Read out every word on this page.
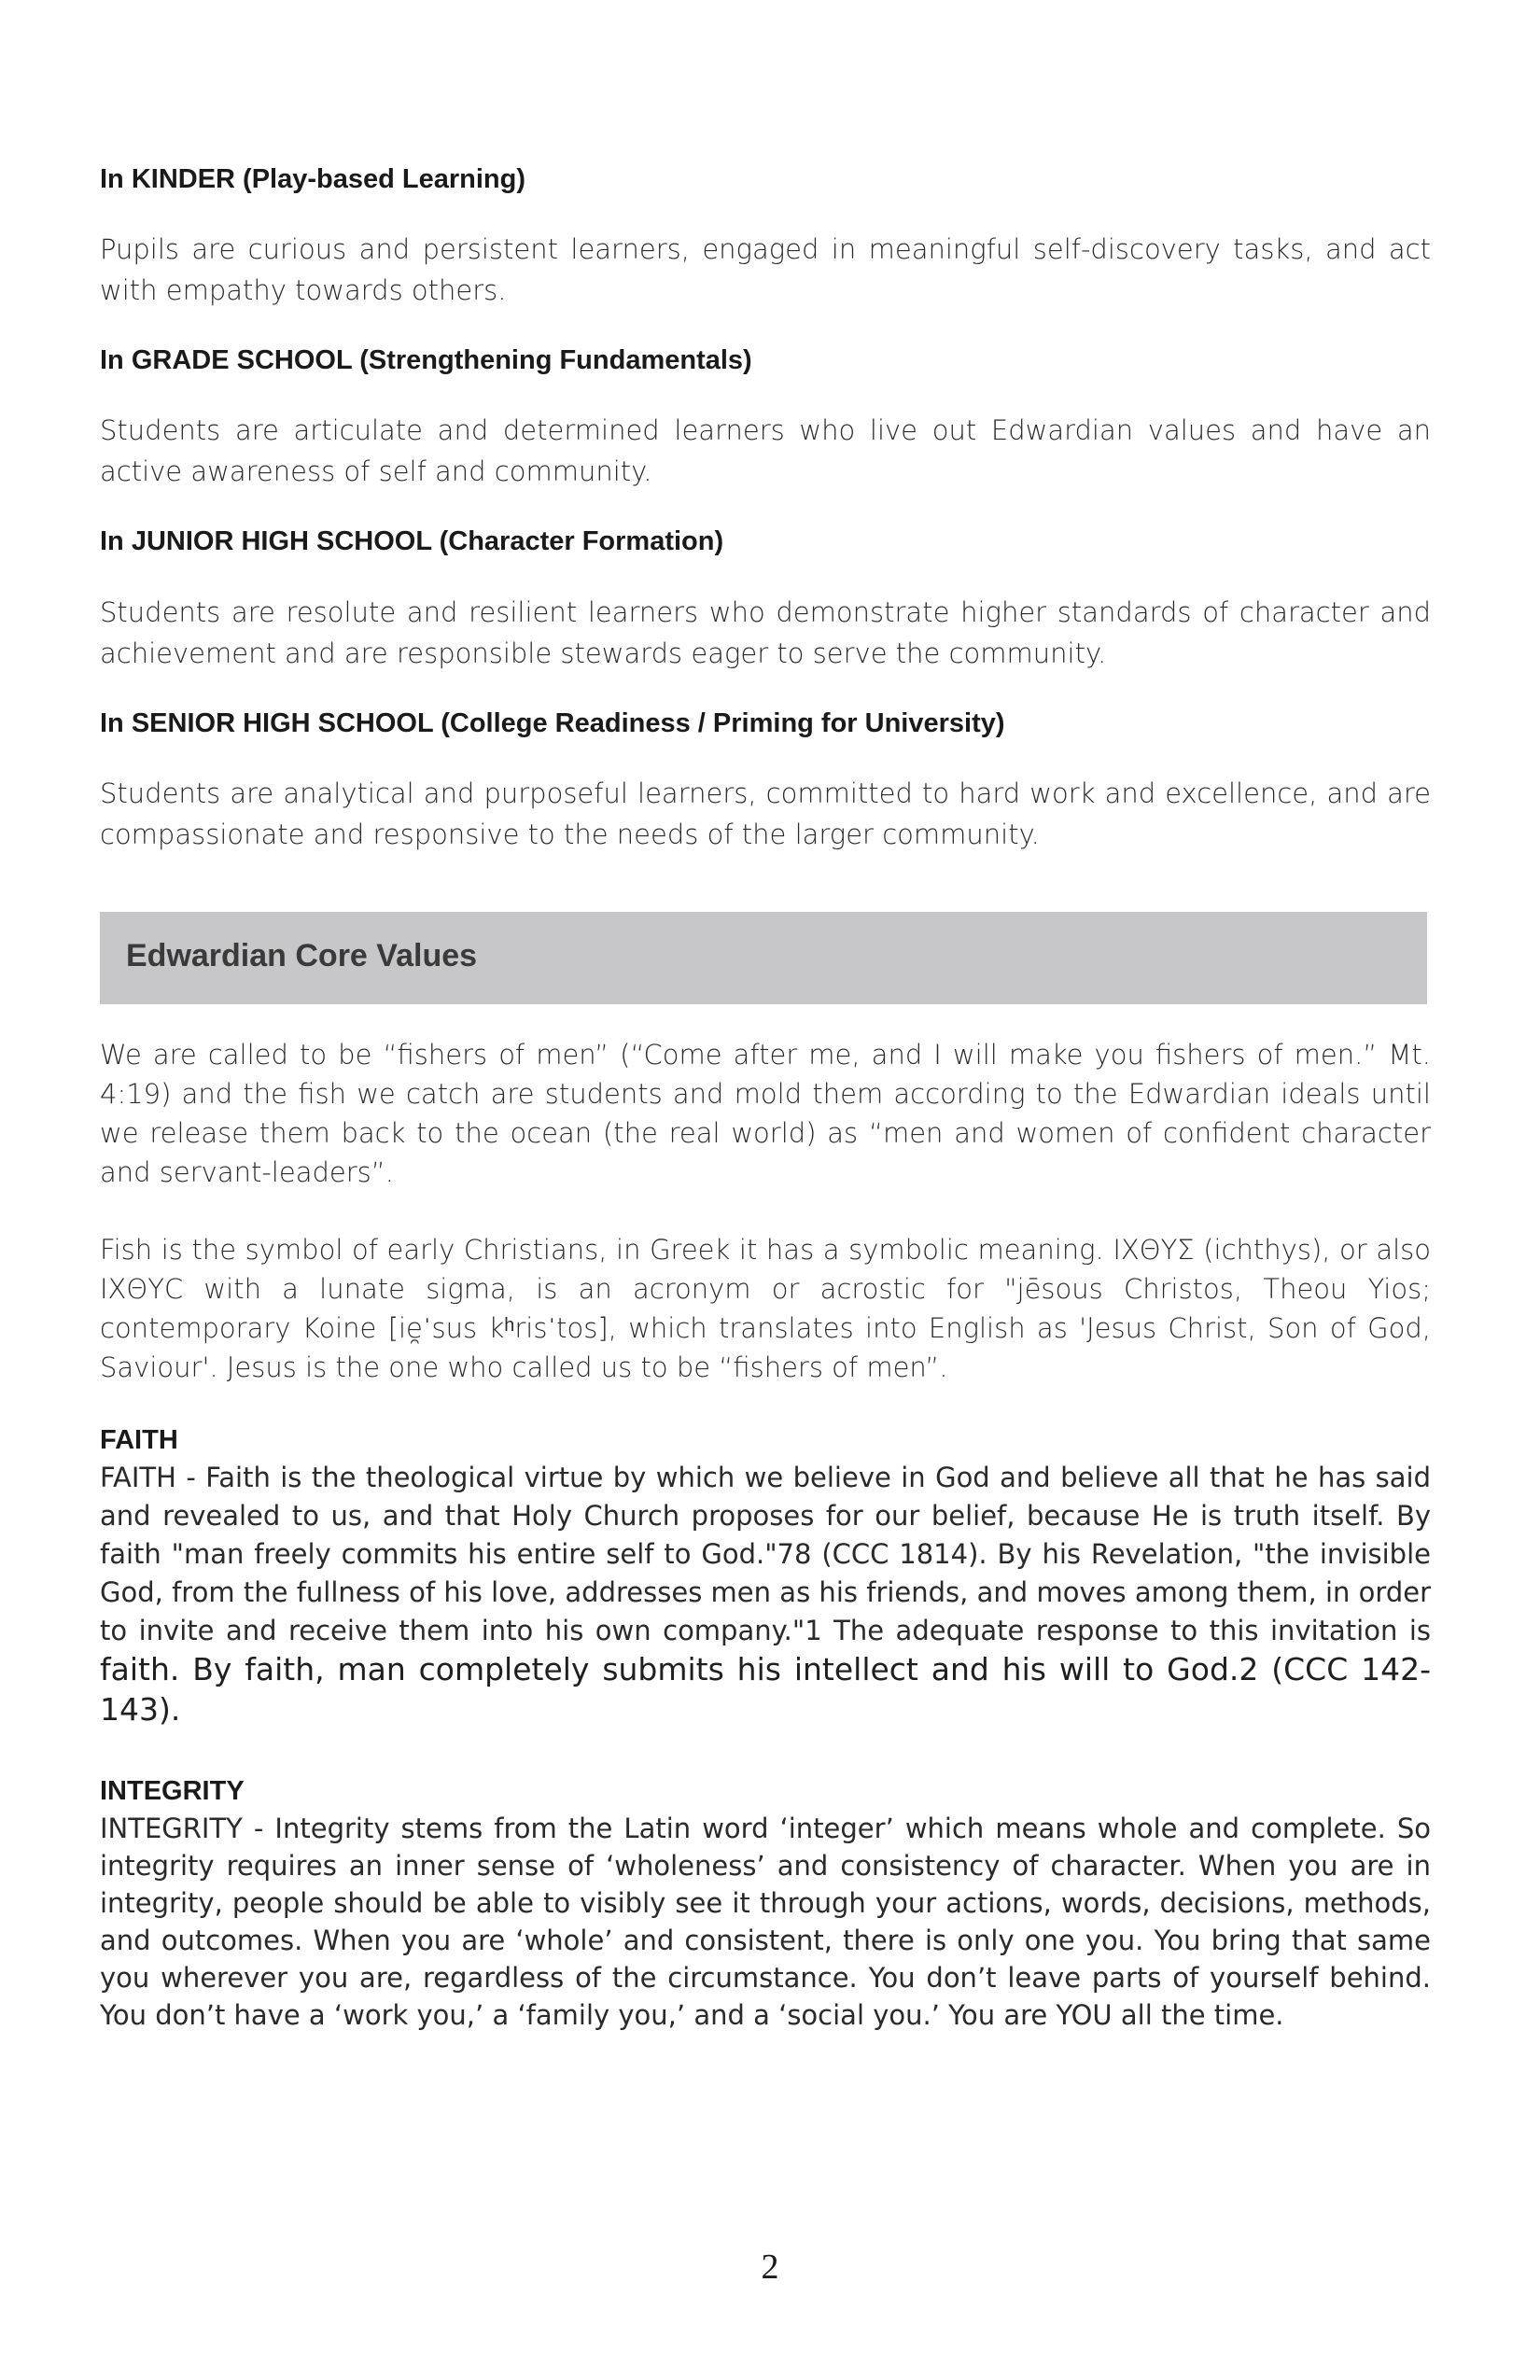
In KINDER (Play-based Learning)
Pupils are curious and persistent learners, engaged in meaningful self-discovery tasks, and act with empathy towards others.
In GRADE SCHOOL (Strengthening Fundamentals)
Students are articulate and determined learners who live out Edwardian values and have an active awareness of self and community.
In JUNIOR HIGH SCHOOL (Character Formation)
Students are resolute and resilient learners who demonstrate higher standards of character and achievement and are responsible stewards eager to serve the community.
In SENIOR HIGH SCHOOL (College Readiness / Priming for University)
Students are analytical and purposeful learners, committed to hard work and excellence, and are compassionate and responsive to the needs of the larger community.
Edwardian Core Values
We are called to be “fishers of men” (“Come after me, and I will make you fishers of men.” Mt. 4:19) and the fish we catch are students and mold them according to the Edwardian ideals until we release them back to the ocean (the real world) as “men and women of confident character and servant-leaders”.
Fish is the symbol of early Christians, in Greek it has a symbolic meaning. ΙΧΘΥΣ (ichthys), or also ΙΧΘΥC with a lunate sigma, is an acronym or acrostic for "jēsous Christos, Theou Yios; contemporary Koine [ie̯ˈsus kʰrisˈtos], which translates into English as 'Jesus Christ, Son of God, Saviour'. Jesus is the one who called us to be “fishers of men”.
FAITH
FAITH - Faith is the theological virtue by which we believe in God and believe all that he has said and revealed to us, and that Holy Church proposes for our belief, because He is truth itself. By faith "man freely commits his entire self to God."78 (CCC 1814). By his Revelation, "the invisible God, from the fullness of his love, addresses men as his friends, and moves among them, in order to invite and receive them into his own company."1 The adequate response to this invitation is faith. By faith, man completely submits his intellect and his will to God.2 (CCC 142-143).
INTEGRITY
INTEGRITY - Integrity stems from the Latin word ‘integer’ which means whole and complete. So integrity requires an inner sense of ‘wholeness’ and consistency of character. When you are in integrity, people should be able to visibly see it through your actions, words, decisions, methods, and outcomes. When you are ‘whole’ and consistent, there is only one you. You bring that same you wherever you are, regardless of the circumstance. You don’t leave parts of yourself behind. You don’t have a ‘work you,’ a ‘family you,’ and a ‘social you.’ You are YOU all the time.
2
